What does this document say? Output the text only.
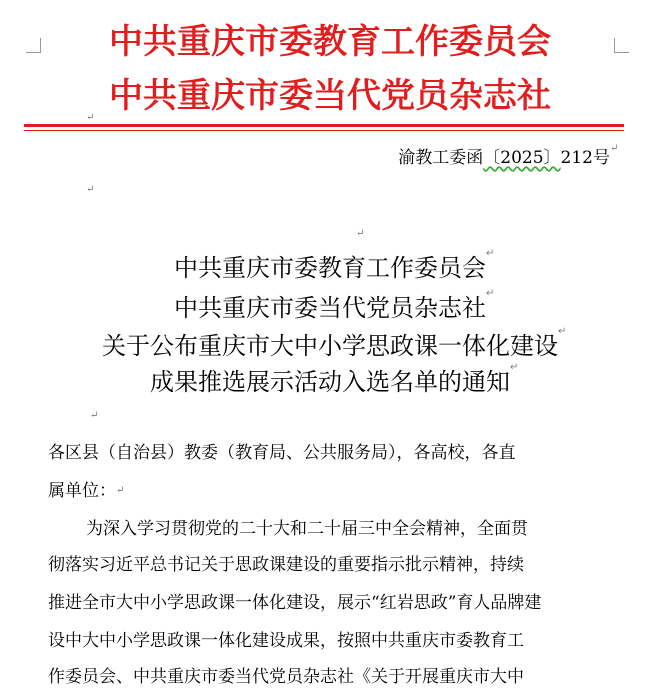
中共重庆市委教育工作委员会
中共重庆市委当代党员杂志社
↵
渝教工委函〔2025〕212号 ↵
↵
↵
中共重庆市委教育工作委员会
↵
中共重庆市委当代党员杂志社
↵
关于公布重庆市大中小学思政课一体化建设
↵
成果推选展示活动入选名单的通知
↵
↵
各区县（自治县）教委（教育局、公共服务局），各高校，各直
属单位： ↵
为深入学习贯彻党的二十大和二十届三中全会精神，全面贯
彻落实习近平总书记关于思政课建设的重要指示批示精神，持续
推进全市大中小学思政课一体化建设，展示“红岩思政”育人品牌建
设中大中小学思政课一体化建设成果，按照中共重庆市委教育工
作委员会、中共重庆市委当代党员杂志社《关于开展重庆市大中
